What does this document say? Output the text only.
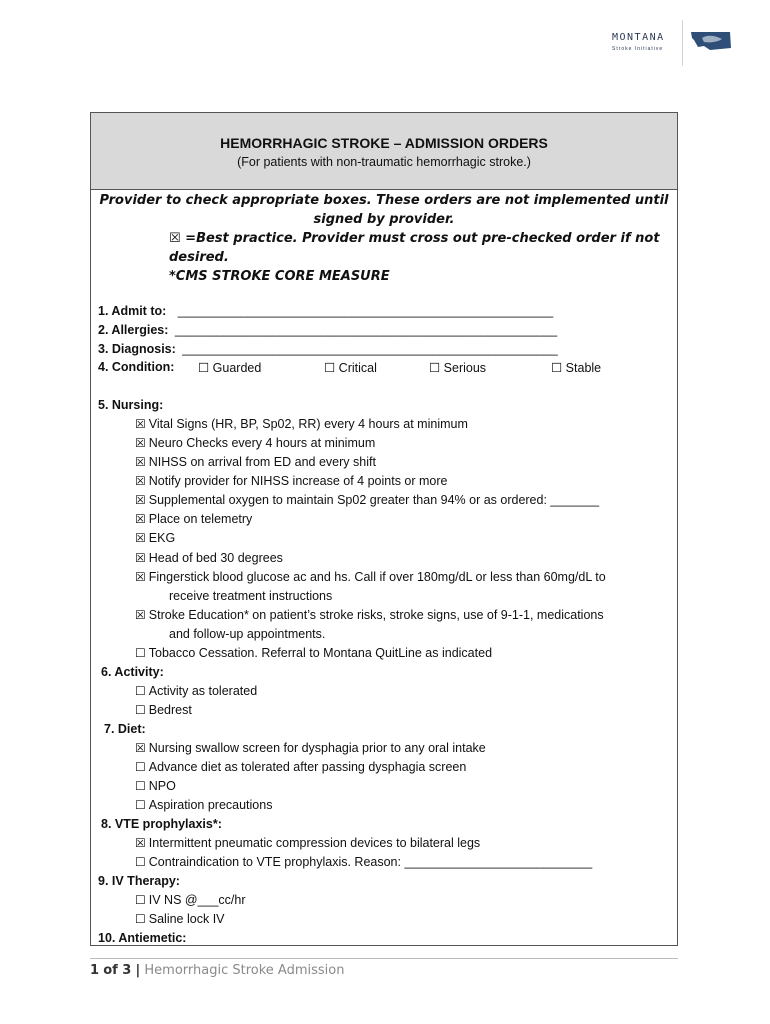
MONTANA
Stroke Initiative
HEMORRHAGIC STROKE – ADMISSION ORDERS
(For patients with non-traumatic hemorrhagic stroke.)
Provider to check appropriate boxes. These orders are not implemented until signed by provider.
☒ =Best practice. Provider must cross out pre-checked order if not desired.
*CMS STROKE CORE MEASURE
1. Admit to: ______________________________________________________
2. Allergies: _______________________________________________________
3. Diagnosis: ______________________________________________________
4. Condition: ☐ Guarded	☐ Critical	☐ Serious	☐ Stable
5. Nursing:
☒ Vital Signs (HR, BP, Sp02, RR) every 4 hours at minimum
☒ Neuro Checks every 4 hours at minimum
☒ NIHSS on arrival from ED and every shift
☒ Notify provider for NIHSS increase of 4 points or more
☒ Supplemental oxygen to maintain Sp02 greater than 94% or as ordered: _______
☒ Place on telemetry
☒ EKG
☒ Head of bed 30 degrees
☒ Fingerstick blood glucose ac and hs. Call if over 180mg/dL or less than 60mg/dL to
receive treatment instructions
☒ Stroke Education* on patient’s stroke risks, stroke signs, use of 9-1-1, medications
and follow-up appointments.
☐ Tobacco Cessation. Referral to Montana QuitLine as indicated
6. Activity:
☐ Activity as tolerated
☐ Bedrest
7. Diet:
☒ Nursing swallow screen for dysphagia prior to any oral intake
☐ Advance diet as tolerated after passing dysphagia screen
☐ NPO
☐ Aspiration precautions
8. VTE prophylaxis*:
☒ Intermittent pneumatic compression devices to bilateral legs
☐ Contraindication to VTE prophylaxis. Reason: ___________________________
9. IV Therapy:
☐ IV NS @___cc/hr
☐ Saline lock IV
10. Antiemetic:
1 of 3 | Hemorrhagic Stroke Admission
